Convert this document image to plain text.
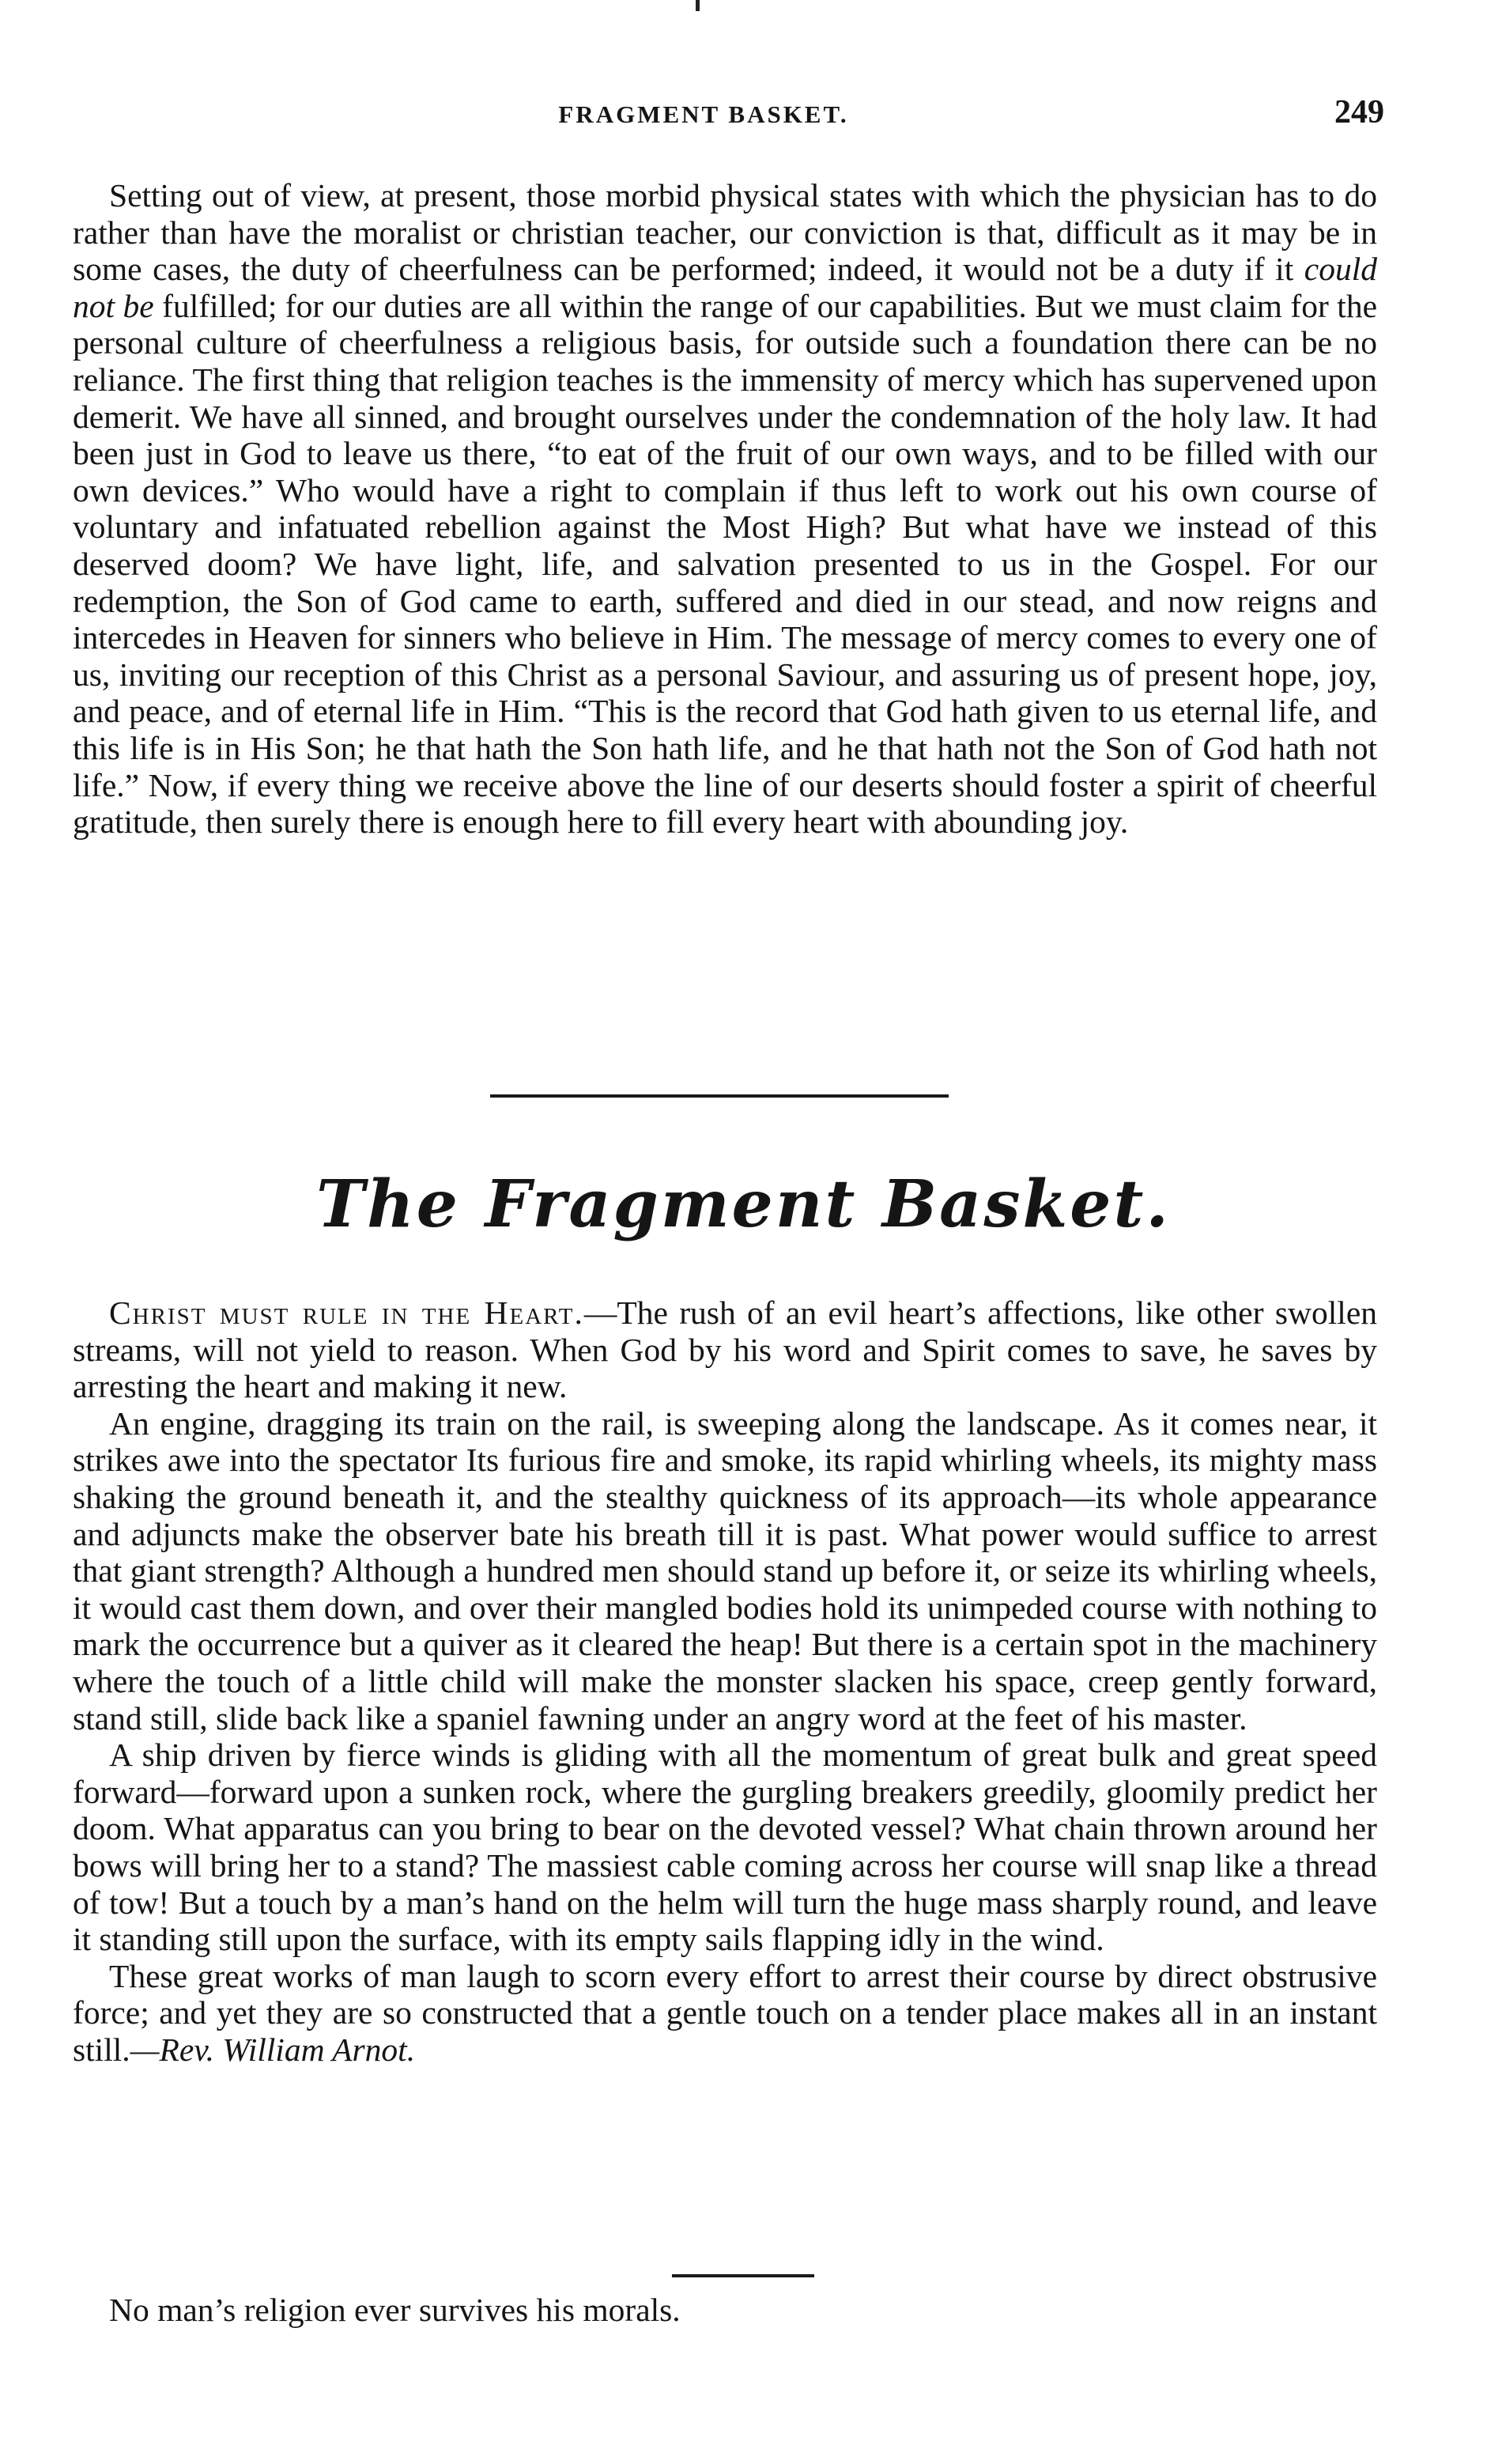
FRAGMENT BASKET.	249

Setting out of view, at present, those morbid physical states with which the physician has to do rather than have the moralist or christian teacher, our conviction is that, difficult as it may be in some cases, the duty of cheerfulness can be performed; indeed, it would not be a duty if it could not be fulfilled; for our duties are all within the range of our capabilities. But we must claim for the personal culture of cheerfulness a religious basis, for outside such a foundation there can be no reliance. The first thing that religion teaches is the immensity of mercy which has supervened upon demerit. We have all sinned, and brought ourselves under the condemnation of the holy law. It had been just in God to leave us there, “to eat of the fruit of our own ways, and to be filled with our own devices.” Who would have a right to complain if thus left to work out his own course of voluntary and infatuated rebellion against the Most High? But what have we instead of this deserved doom? We have light, life, and salvation presented to us in the Gospel. For our redemption, the Son of God came to earth, suffered and died in our stead, and now reigns and intercedes in Heaven for sinners who believe in Him. The message of mercy comes to every one of us, inviting our reception of this Christ as a personal Saviour, and assuring us of present hope, joy, and peace, and of eternal life in Him. “This is the record that God hath given to us eternal life, and this life is in His Son; he that hath the Son hath life, and he that hath not the Son of God hath not life.” Now, if every thing we receive above the line of our deserts should foster a spirit of cheerful gratitude, then surely there is enough here to fill every heart with abounding joy.

The Fragment Basket.

Christ must rule in the Heart.—The rush of an evil heart’s affections, like other swollen streams, will not yield to reason. When God by his word and Spirit comes to save, he saves by arresting the heart and making it new.

An engine, dragging its train on the rail, is sweeping along the landscape. As it comes near, it strikes awe into the spectator Its furious fire and smoke, its rapid whirling wheels, its mighty mass shaking the ground beneath it, and the stealthy quickness of its approach—its whole appearance and adjuncts make the observer bate his breath till it is past. What power would suffice to arrest that giant strength? Although a hundred men should stand up before it, or seize its whirling wheels, it would cast them down, and over their mangled bodies hold its unimpeded course with nothing to mark the occurrence but a quiver as it cleared the heap! But there is a certain spot in the machinery where the touch of a little child will make the monster slacken his space, creep gently forward, stand still, slide back like a spaniel fawning under an angry word at the feet of his master.

A ship driven by fierce winds is gliding with all the momentum of great bulk and great speed forward—forward upon a sunken rock, where the gurgling breakers greedily, gloomily predict her doom. What apparatus can you bring to bear on the devoted vessel? What chain thrown around her bows will bring her to a stand? The massiest cable coming across her course will snap like a thread of tow! But a touch by a man’s hand on the helm will turn the huge mass sharply round, and leave it standing still upon the surface, with its empty sails flapping idly in the wind.

These great works of man laugh to scorn every effort to arrest their course by direct obstrusive force; and yet they are so constructed that a gentle touch on a tender place makes all in an instant still.—Rev. William Arnot.

No man’s religion ever survives his morals.
